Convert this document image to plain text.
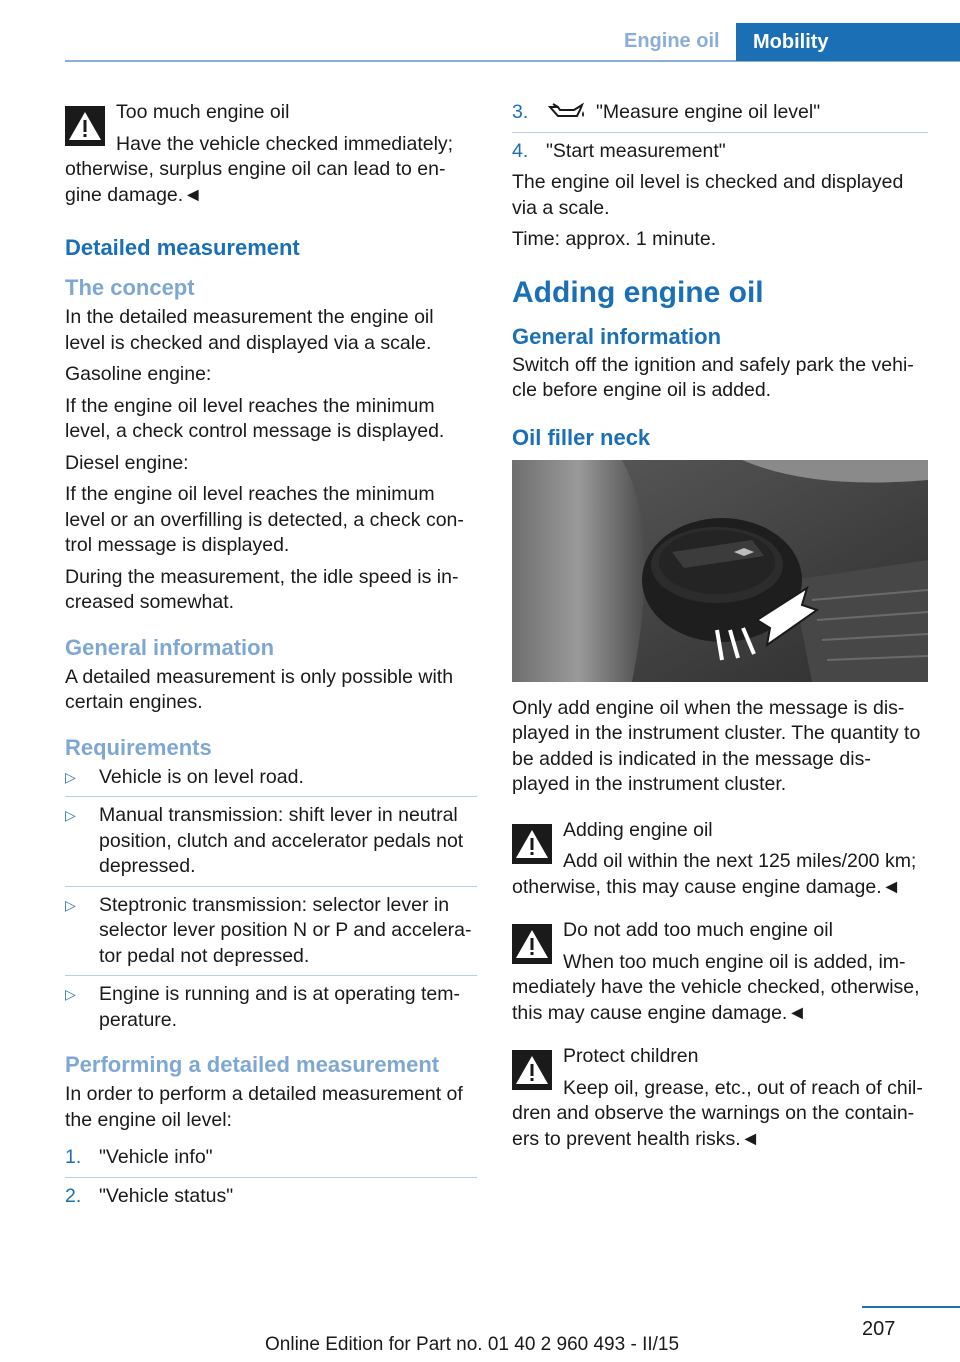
Engine oil Mobility
Too much engine oil

Have the vehicle checked immediately;
otherwise, surplus engine oil can lead to en-
gine damage.◄

Detailed measurement
The concept

In the detailed measurement the engine oil level is checked and displayed via a scale.

Gasoline engine:

If the engine oil level reaches the minimum level, a check control message is displayed.

Diesel engine:

If the engine oil level reaches the minimum level or an overfilling is detected, a check con-trol message is displayed.

During the measurement, the idle speed is in-creased somewhat.

General information

A detailed measurement is only possible with certain engines.

Requirements
▷ Vehicle is on level road.
▷ Manual transmission: shift lever in neutral position, clutch and accelerator pedals not depressed.
▷ Steptronic transmission: selector lever in selector lever position N or P and accelera-tor pedal not depressed.
▷ Engine is running and is at operating tem-perature.
Performing a detailed measurement

In order to perform a detailed measurement of the engine oil level:

1. "Vehicle info"
2. "Vehicle status"
3.	"Measure engine oil level"
4. "Start measurement"

The engine oil level is checked and displayed via a scale.

Time: approx. 1 minute.

Adding engine oil
General information

Switch off the ignition and safely park the vehi-cle before engine oil is added.

Oil filler neck

Only add engine oil when the message is dis-played in the instrument cluster. The quantity to be added is indicated in the message dis-played in the instrument cluster.

Adding engine oil

Add oil within the next 125 miles/200 km;
otherwise, this may cause engine damage.◄

Do not add too much engine oil

When too much engine oil is added, im-
mediately have the vehicle checked, otherwise, this may cause engine damage.◄

Protect children

Keep oil, grease, etc., out of reach of chil-
dren and observe the warnings on the contain-ers to prevent health risks.◄

207
Online Edition for Part no. 01 40 2 960 493 - II/15
